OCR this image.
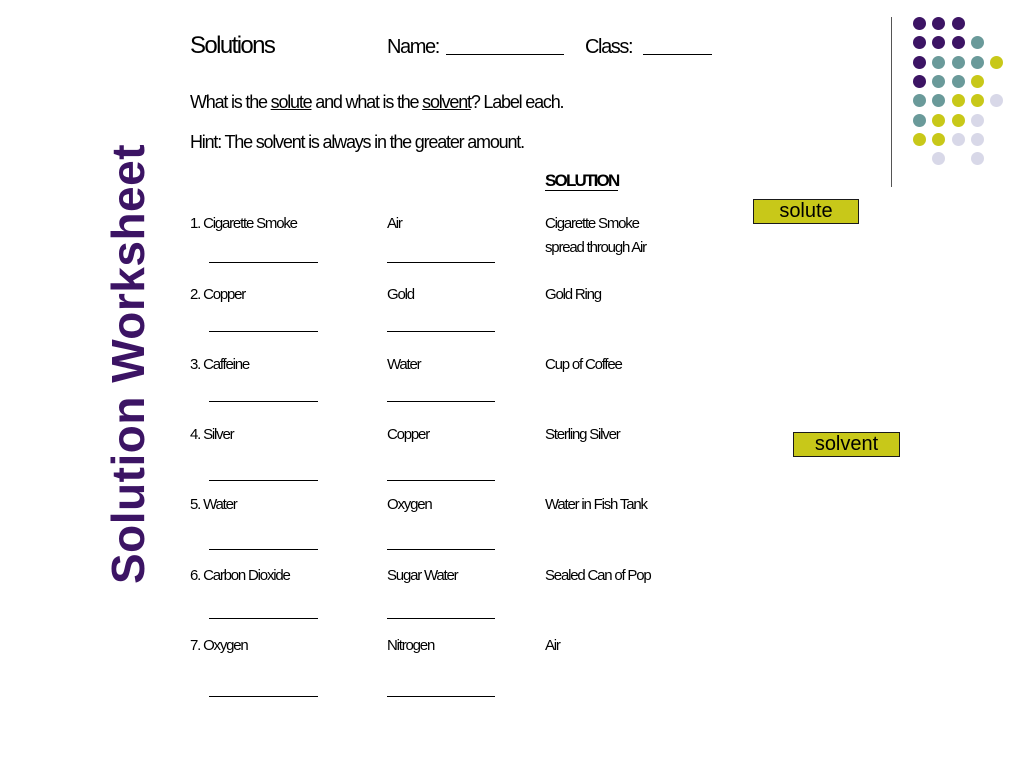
Solution Worksheet
Solutions	Name:	Class:
What is the solute and what is the solvent? Label each.
Hint: The solvent is always in the greater amount.
SOLUTION
1. Cigarette Smoke	Air	Cigarette Smoke
spread through Air
2. Copper	Gold	Gold Ring
3. Caffeine	Water	Cup of Coffee
4. Silver	Copper	Sterling Silver
5. Water	Oxygen	Water in Fish Tank
6. Carbon Dioxide	Sugar Water	Sealed Can of Pop
7. Oxygen	Nitrogen	Air
solute
solvent
